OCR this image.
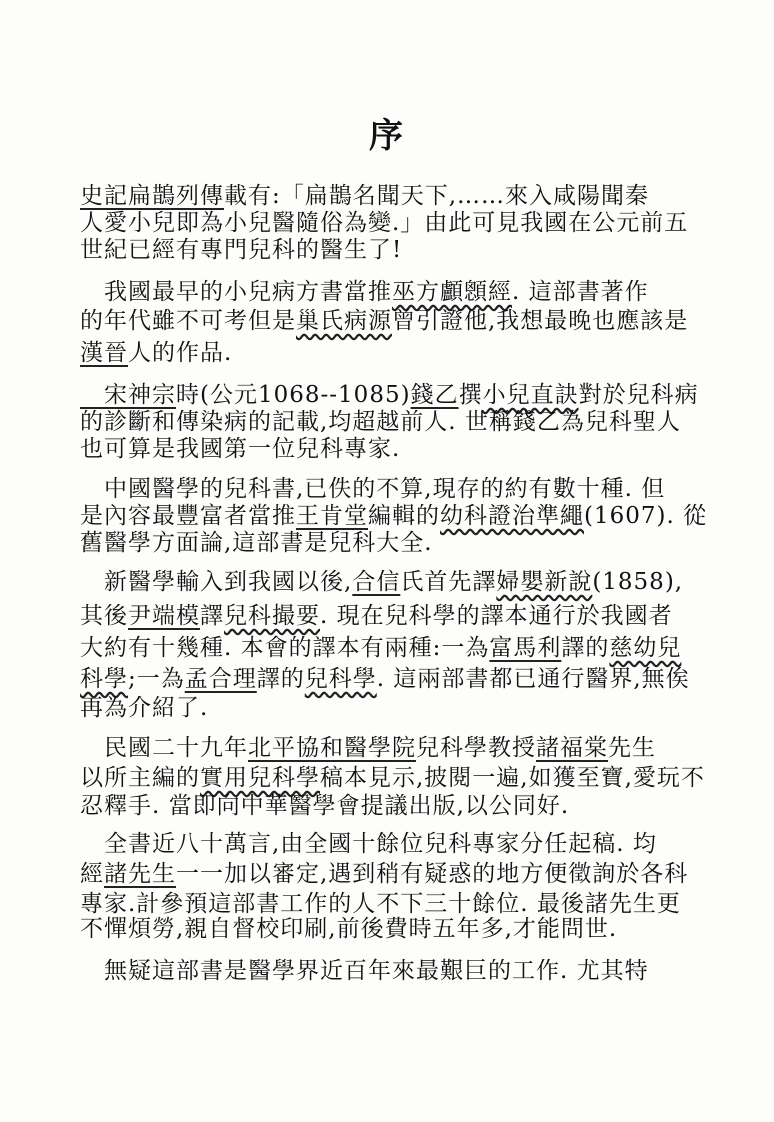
序
史記扁鵲列傳載有:「扁鵲名聞天下,……來入咸陽聞秦
人愛小兒即為小兒醫隨俗為變.」由此可見我國在公元前五
世紀已經有專門兒科的醫生了!
　我國最早的小兒病方書當推巫方顱顖經. 這部書著作
的年代雖不可考但是巢氏病源曾引證他,我想最晚也應該是
漢晉人的作品.
　宋神宗時(公元1068--1085)錢乙撰小兒直訣對於兒科病
的診斷和傳染病的記載,均超越前人. 世稱錢乙為兒科聖人
也可算是我國第一位兒科專家.
　中國醫學的兒科書,已佚的不算,現存的約有數十種. 但
是內容最豐富者當推王肯堂編輯的幼科證治準繩(1607). 從
舊醫學方面論,這部書是兒科大全.
　新醫學輸入到我國以後,合信氏首先譯婦嬰新說(1858),
其後尹端模譯兒科撮要. 現在兒科學的譯本通行於我國者
大約有十幾種. 本會的譯本有兩種:一為富馬利譯的慈幼兒
科學;一為孟合理譯的兒科學. 這兩部書都已通行醫界,無俟
再為介紹了.
　民國二十九年北平協和醫學院兒科學教授諸福棠先生
以所主編的實用兒科學稿本見示,披閱一遍,如獲至寶,愛玩不
忍釋手. 當即向中華醫學會提議出版,以公同好.
　全書近八十萬言,由全國十餘位兒科專家分任起稿. 均
經諸先生一一加以審定,遇到稍有疑惑的地方便徵詢於各科
專家.計參預這部書工作的人不下三十餘位. 最後諸先生更
不憚煩勞,親自督校印刷,前後費時五年多,才能問世.
　無疑這部書是醫學界近百年來最艱巨的工作. 尤其特
